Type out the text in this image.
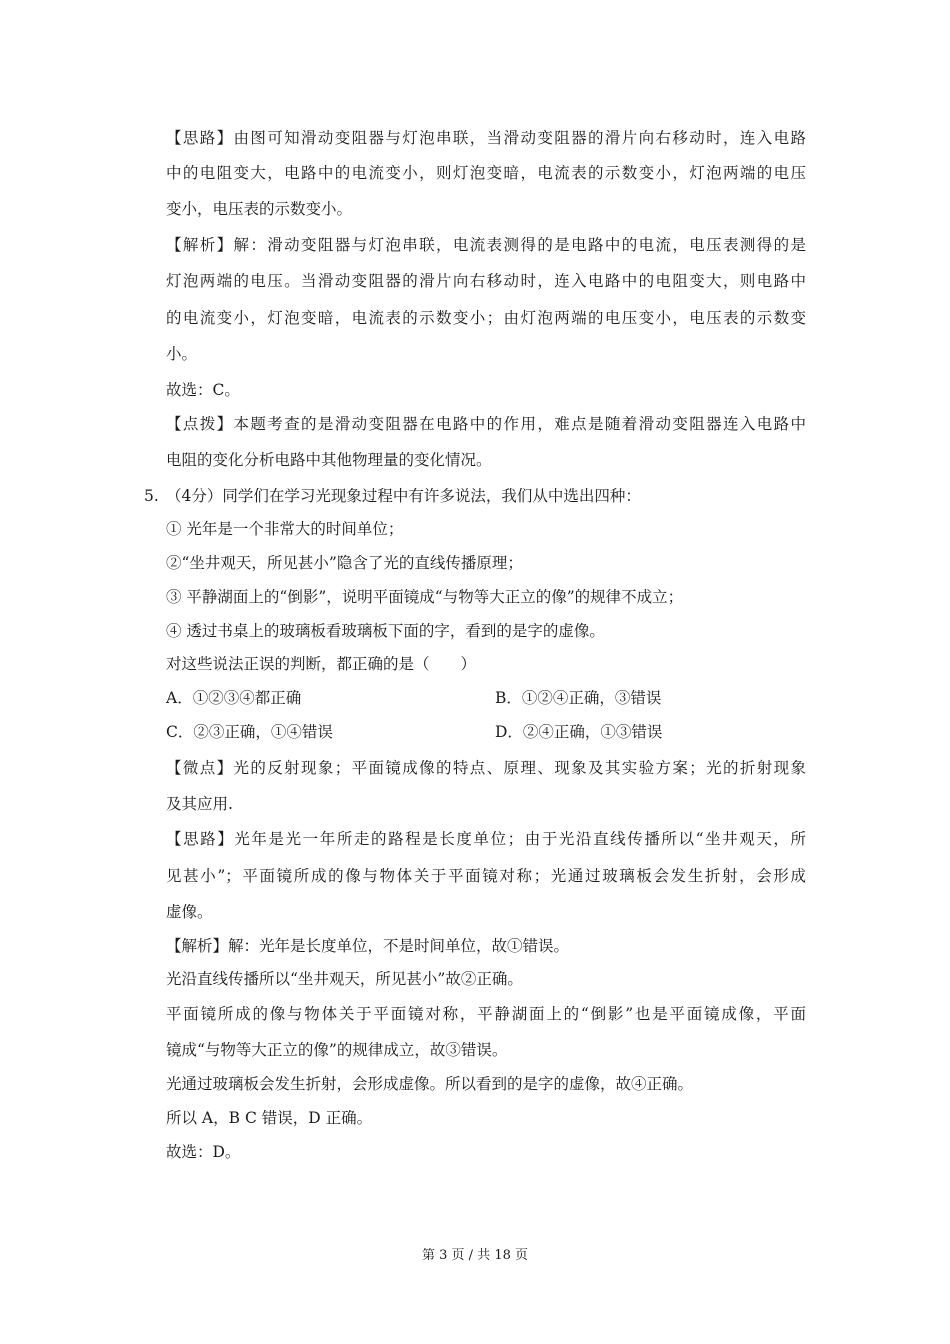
【思路】由图可知滑动变阻器与灯泡串联，当滑动变阻器的滑片向右移动时，连入电路
中的电阻变大，电路中的电流变小，则灯泡变暗，电流表的示数变小，灯泡两端的电压
变小，电压表的示数变小。
【解析】解：滑动变阻器与灯泡串联，电流表测得的是电路中的电流，电压表测得的是
灯泡两端的电压。当滑动变阻器的滑片向右移动时，连入电路中的电阻变大，则电路中
的电流变小，灯泡变暗，电流表的示数变小；由灯泡两端的电压变小，电压表的示数变
小。
故选：C。
【点拨】本题考查的是滑动变阻器在电路中的作用，难点是随着滑动变阻器连入电路中
电阻的变化分析电路中其他物理量的变化情况。
5. （4分）同学们在学习光现象过程中有许多说法，我们从中选出四种：
① 光年是一个非常大的时间单位；
②“坐井观天，所见甚小”隐含了光的直线传播原理；
③ 平静湖面上的“倒影”，说明平面镜成“与物等大正立的像”的规律不成立；
④ 透过书桌上的玻璃板看玻璃板下面的字，看到的是字的虚像。
对这些说法正误的判断，都正确的是（　　）
A．①②③④都正确	B．①②④正确，③错误
C．②③正确，①④错误	D．②④正确，①③错误
【微点】光的反射现象；平面镜成像的特点、原理、现象及其实验方案；光的折射现象
及其应用.
【思路】光年是光一年所走的路程是长度单位；由于光沿直线传播所以“坐井观天，所
见甚小”；平面镜所成的像与物体关于平面镜对称；光通过玻璃板会发生折射，会形成
虚像。
【解析】解：光年是长度单位，不是时间单位，故①错误。
光沿直线传播所以“坐井观天，所见甚小”故②正确。
平面镜所成的像与物体关于平面镜对称，平静湖面上的“倒影”也是平面镜成像，平面
镜成“与物等大正立的像”的规律成立，故③错误。
光通过玻璃板会发生折射，会形成虚像。所以看到的是字的虚像，故④正确。
所以 A，B C 错误，D 正确。
故选：D。
第 3 页 / 共 18 页
